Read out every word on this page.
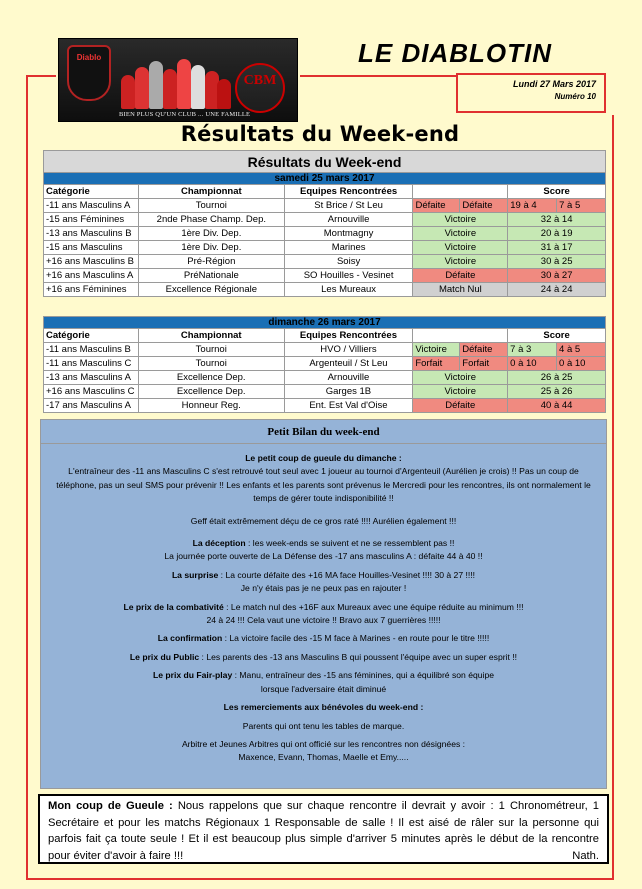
Diablo
CBM
BIEN PLUS QU'UN CLUB ... UNE FAMILLE
LE DIABLOTIN
Lundi 27 Mars 2017
Numéro 10
Résultats du Week-end
Résultats du Week-end						
samedi 25 mars 2017						
Catégorie	Championnat	Equipes Rencontrées			Score	
-11 ans Masculins A	Tournoi	St Brice / St Leu	Défaite	Défaite	19 à 4	7 à 5
-15 ans Féminines	2nde Phase Champ. Dep.	Arnouville	Victoire		32 à 14	
-13 ans Masculins B	1ère Div. Dep.	Montmagny	Victoire		20 à 19	
-15 ans Masculins	1ère Div. Dep.	Marines	Victoire		31 à 17	
+16 ans Masculins B	Pré-Région	Soisy	Victoire		30 à 25	
+16 ans Masculins A	PréNationale	SO Houilles - Vesinet	Défaite		30 à 27	
+16 ans Féminines	Excellence Régionale	Les Mureaux	Match Nul		24 à 24	
dimanche 26 mars 2017						
Catégorie	Championnat	Equipes Rencontrées			Score	
-11 ans Masculins B	Tournoi	HVO / Villiers	Victoire	Défaite	7 à 3	4 à 5
-11 ans Masculins C	Tournoi	Argenteuil / St Leu	Forfait	Forfait	0 à 10	0 à 10
-13 ans Masculins A	Excellence Dep.	Arnouville	Victoire		26 à 25	
+16 ans Masculins C	Excellence Dep.	Garges 1B	Victoire		25 à 26	
-17 ans Masculins A	Honneur Reg.	Ent. Est Val d'Oise	Défaite		40 à 44	
Petit Bilan du week-end

Le petit coup de gueule du dimanche :

L'entraîneur des -11 ans Masculins C s'est retrouvé tout seul avec 1 joueur au tournoi d'Argenteuil (Aurélien je crois) !! Pas un coup de téléphone, pas un seul SMS pour prévenir !! Les enfants et les parents sont prévenus le Mercredi pour les rencontres, ils ont normalement le temps de gérer toute indisponibilité !!

Geff était extrêmement déçu de ce gros raté !!!! Aurélien également !!!

La déception : les week-ends se suivent et ne se ressemblent pas !!

La journée porte ouverte de La Défense des -17 ans masculins A : défaite 44 à 40 !!

La surprise : La courte défaite des +16 MA face Houilles-Vesinet !!!! 30 à 27 !!!!

Je n'y étais pas je ne peux pas en rajouter !

Le prix de la combativité : Le match nul des +16F aux Mureaux avec une équipe réduite au minimum !!!

24 à 24 !!! Cela vaut une victoire !! Bravo aux 7 guerrières !!!!!

La confirmation : La victoire facile des -15 M face à Marines - en route pour le titre !!!!!

Le prix du Public : Les parents des -13 ans Masculins B qui poussent l'équipe avec un super esprit !!

Le prix du Fair-play : Manu, entraîneur des -15 ans féminines, qui a équilibré son équipe

lorsque l'adversaire était diminué

Les remerciements aux bénévoles du week-end :

Parents qui ont tenu les tables de marque.

Arbitre et Jeunes Arbitres qui ont officié sur les rencontres non désignées :

Maxence, Evann, Thomas, Maelle et Emy.....

Mon coup de Gueule : Nous rappelons que sur chaque rencontre il devrait y avoir : 1 Chronométreur, 1 Secrétaire et pour les matchs Régionaux 1 Responsable de salle ! Il est aisé de râler sur la personne qui parfois fait ça toute seule ! Et il est beaucoup plus simple d'arriver 5 minutes après le début de la rencontre pour éviter d'avoir à faire !!!	Nath.
